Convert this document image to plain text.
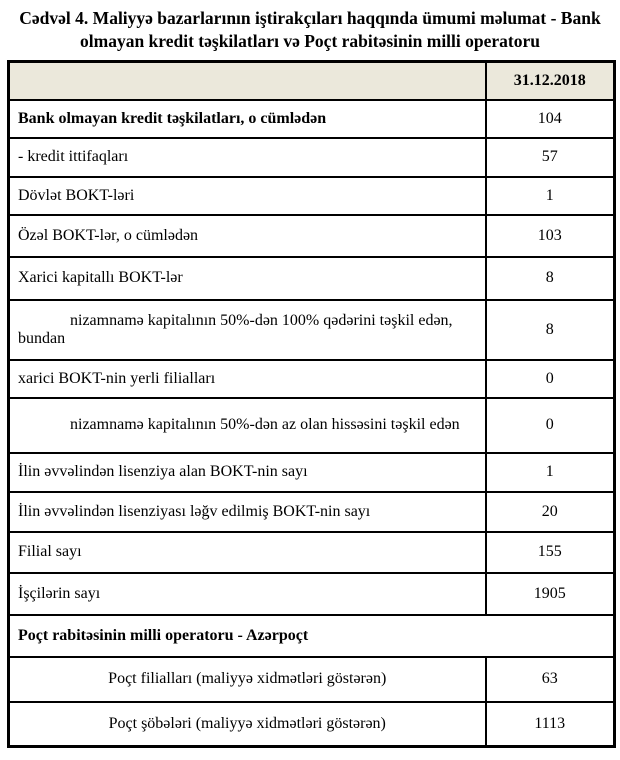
Cədvəl 4. Maliyyə bazarlarının iştirakçıları haqqında ümumi məlumat - Bank olmayan kredit təşkilatları və Poçt rabitəsinin milli operatoru
	31.12.2018
Bank olmayan kredit təşkilatları, o cümlədən	104
- kredit ittifaqları	57
Dövlət BOKT-ləri	1
Özəl BOKT-lər, o cümlədən	103
Xarici kapitallı BOKT-lər	8
nizamnamə kapitalının 50%-dən 100% qədərini təşkil edən, bundan	8
xarici BOKT-nin yerli filialları	0
nizamnamə kapitalının 50%-dən az olan hissəsini təşkil edən	0
İlin əvvəlindən lisenziya alan BOKT-nin sayı	1
İlin əvvəlindən lisenziyası ləğv edilmiş BOKT-nin sayı	20
Filial sayı	155
İşçilərin sayı	1905
Poçt rabitəsinin milli operatoru - Azərpoçt	
Poçt filialları (maliyyə xidmətləri göstərən)	63
Poçt şöbələri (maliyyə xidmətləri göstərən)	1113
